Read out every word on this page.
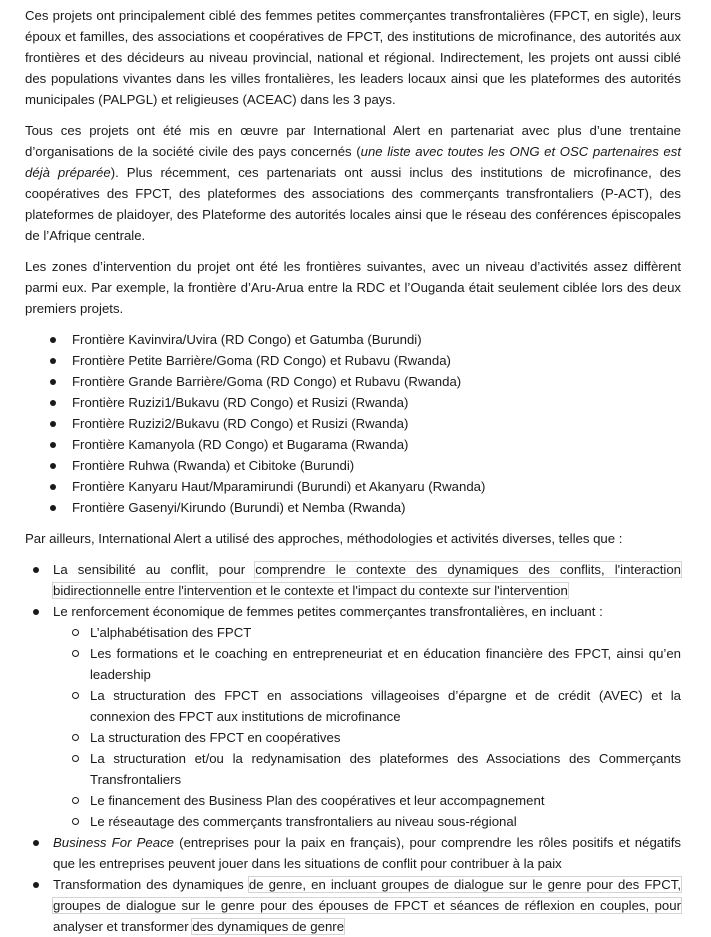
Ces projets ont principalement ciblé des femmes petites commerçantes transfrontalières (FPCT, en sigle), leurs époux et familles, des associations et coopératives de FPCT, des institutions de microfinance, des autorités aux frontières et des décideurs au niveau provincial, national et régional. Indirectement, les projets ont aussi ciblé des populations vivantes dans les villes frontalières, les leaders locaux ainsi que les plateformes des autorités municipales (PALPGL) et religieuses (ACEAC) dans les 3 pays.

Tous ces projets ont été mis en œuvre par International Alert en partenariat avec plus d’une trentaine d’organisations de la société civile des pays concernés (une liste avec toutes les ONG et OSC partenaires est déjà préparée). Plus récemment, ces partenariats ont aussi inclus des institutions de microfinance, des coopératives des FPCT, des plateformes des associations des commerçants transfrontaliers (P-ACT), des plateformes de plaidoyer, des Plateforme des autorités locales ainsi que le réseau des conférences épiscopales de l’Afrique centrale.

Les zones d’intervention du projet ont été les frontières suivantes, avec un niveau d’activités assez diffèrent parmi eux. Par exemple, la frontière d’Aru-Arua entre la RDC et l’Ouganda était seulement ciblée lors des deux premiers projets.

Frontière Kavinvira/Uvira (RD Congo) et Gatumba (Burundi)
Frontière Petite Barrière/Goma (RD Congo) et Rubavu (Rwanda)
Frontière Grande Barrière/Goma (RD Congo) et Rubavu (Rwanda)
Frontière Ruzizi1/Bukavu (RD Congo) et Rusizi (Rwanda)
Frontière Ruzizi2/Bukavu (RD Congo) et Rusizi (Rwanda)
Frontière Kamanyola (RD Congo) et Bugarama (Rwanda)
Frontière Ruhwa (Rwanda) et Cibitoke (Burundi)
Frontière Kanyaru Haut/Mparamirundi (Burundi) et Akanyaru (Rwanda)
Frontière Gasenyi/Kirundo (Burundi) et Nemba (Rwanda)

Par ailleurs, International Alert a utilisé des approches, méthodologies et activités diverses, telles que :

La sensibilité au conflit, pour comprendre le contexte des dynamiques des conflits, l'interaction bidirectionnelle entre l'intervention et le contexte et l'impact du contexte sur l'intervention
Le renforcement économique de femmes petites commerçantes transfrontalières, en incluant :
L’alphabétisation des FPCT
Les formations et le coaching en entrepreneuriat et en éducation financière des FPCT, ainsi qu’en leadership
La structuration des FPCT en associations villageoises d’épargne et de crédit (AVEC) et la connexion des FPCT aux institutions de microfinance
La structuration des FPCT en coopératives
La structuration et/ou la redynamisation des plateformes des Associations des Commerçants Transfrontaliers
Le financement des Business Plan des coopératives et leur accompagnement
Le réseautage des commerçants transfrontaliers au niveau sous-régional
Business For Peace (entreprises pour la paix en français), pour comprendre les rôles positifs et négatifs que les entreprises peuvent jouer dans les situations de conflit pour contribuer à la paix
Transformation des dynamiques de genre, en incluant groupes de dialogue sur le genre pour des FPCT, groupes de dialogue sur le genre pour des épouses de FPCT et séances de réflexion en couples, pour analyser et transformer des dynamiques de genre
